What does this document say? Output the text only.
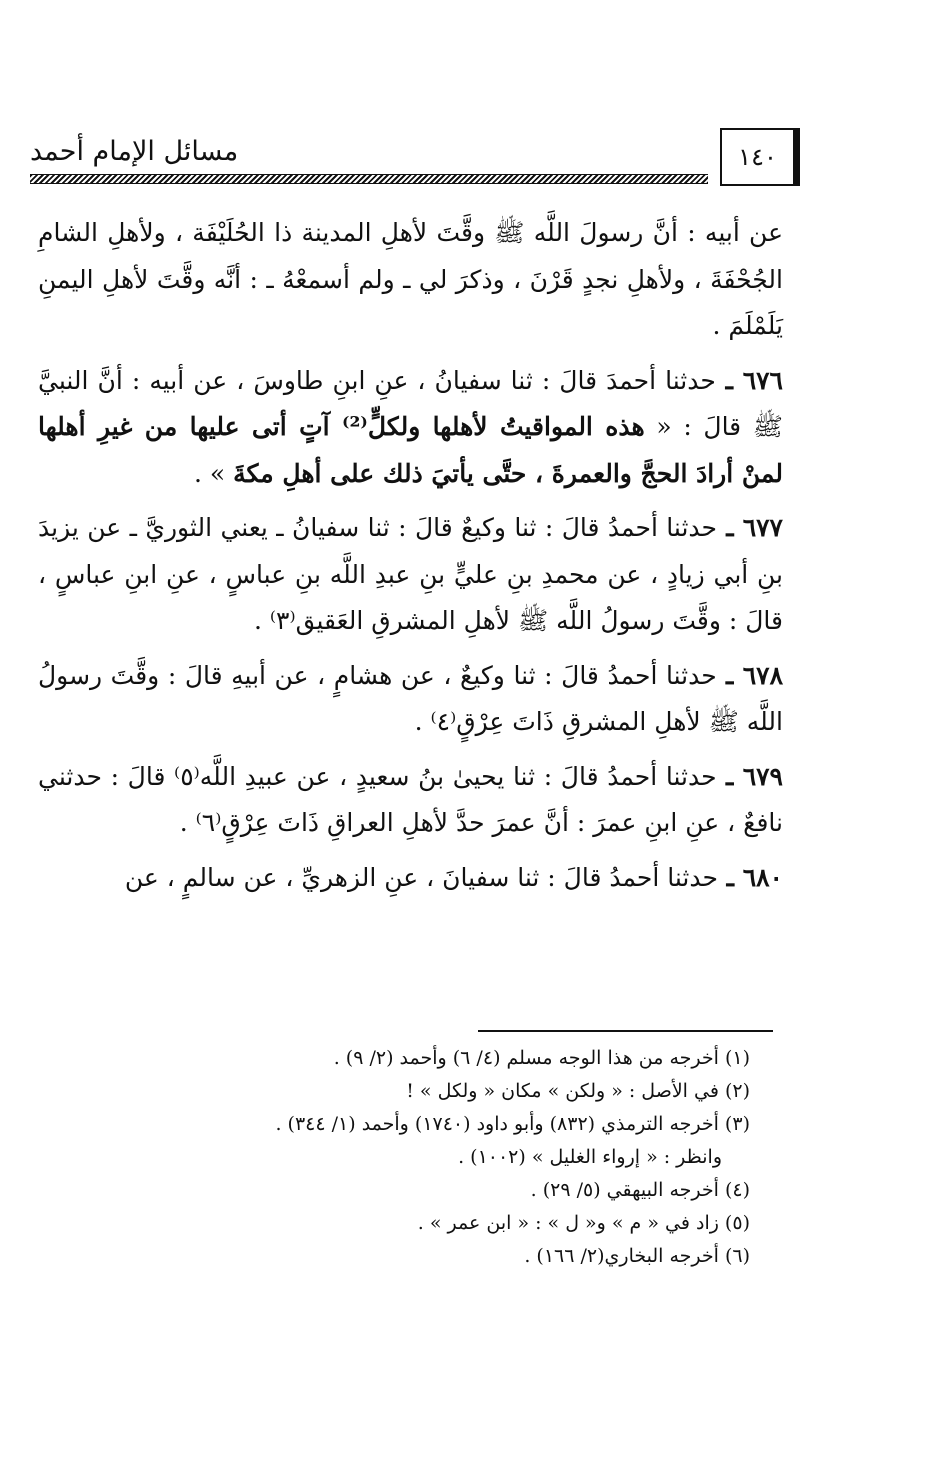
مسائل الإمام أحمد	١٤٠

عن أبيه : أنَّ رسولَ اللَّه ﷺ وقَّتَ لأهلِ المدينة ذا الحُلَيْفَة ، ولأهلِ الشامِ الجُحْفَةَ ، ولأهلِ نجدٍ قَرْنَ ، وذكرَ لي ـ ولم أسمعْهُ ـ : أنَّه وقَّتَ لأهلِ اليمنِ يَلَمْلَمَ .

٦٧٦ ـ حدثنا أحمدَ قالَ : ثنا سفيانُ ، عنِ ابنِ طاوسَ ، عن أبيه : أنَّ النبيَّ ﷺ قالَ : « هذه المواقيتُ لأهلها ولكلٍّ⁽²⁾ آتٍ أتى عليها من غيرِ أهلها لمنْ أرادَ الحجَّ والعمرةَ ، حتَّى يأتيَ ذلك على أهلِ مكةَ » .

٦٧٧ ـ حدثنا أحمدُ قالَ : ثنا وكيعٌ قالَ : ثنا سفيانُ ـ يعني الثوريَّ ـ عن يزيدَ بنِ أبي زيادٍ ، عن محمدِ بنِ عليٍّ بنِ عبدِ اللَّه بنِ عباسٍ ، عنِ ابنِ عباسٍ ، قالَ : وقَّتَ رسولُ اللَّه ﷺ لأهلِ المشرقِ العَقيق⁽٣⁾ .

٦٧٨ ـ حدثنا أحمدُ قالَ : ثنا وكيعٌ ، عن هشامٍ ، عن أبيهِ قالَ : وقَّتَ رسولُ اللَّه ﷺ لأهلِ المشرقِ ذَاتَ عِرْقٍ⁽٤⁾ .

٦٧٩ ـ حدثنا أحمدُ قالَ : ثنا يحيىٰ بنُ سعيدٍ ، عن عبيدِ اللَّه⁽٥⁾ قالَ : حدثني نافعٌ ، عنِ ابنِ عمرَ : أنَّ عمرَ حدَّ لأهلِ العراقِ ذَاتَ عِرْقٍ⁽٦⁾ .

٦٨٠ ـ حدثنا أحمدُ قالَ : ثنا سفيانَ ، عنِ الزهريِّ ، عن سالمٍ ، عن

(١) أخرجه من هذا الوجه مسلم (٤/ ٦) وأحمد (٢/ ٩) .
(٢) في الأصل : « ولكن » مكان « ولكل » !
(٣) أخرجه الترمذي (٨٣٢) وأبو داود (١٧٤٠) وأحمد (١/ ٣٤٤) .
وانظر : « إرواء الغليل » (١٠٠٢) .
(٤) أخرجه البيهقي (٥/ ٢٩) .
(٥) زاد في « م » و« ل » : « ابن عمر » .
(٦) أخرجه البخاري(٢/ ١٦٦) .
